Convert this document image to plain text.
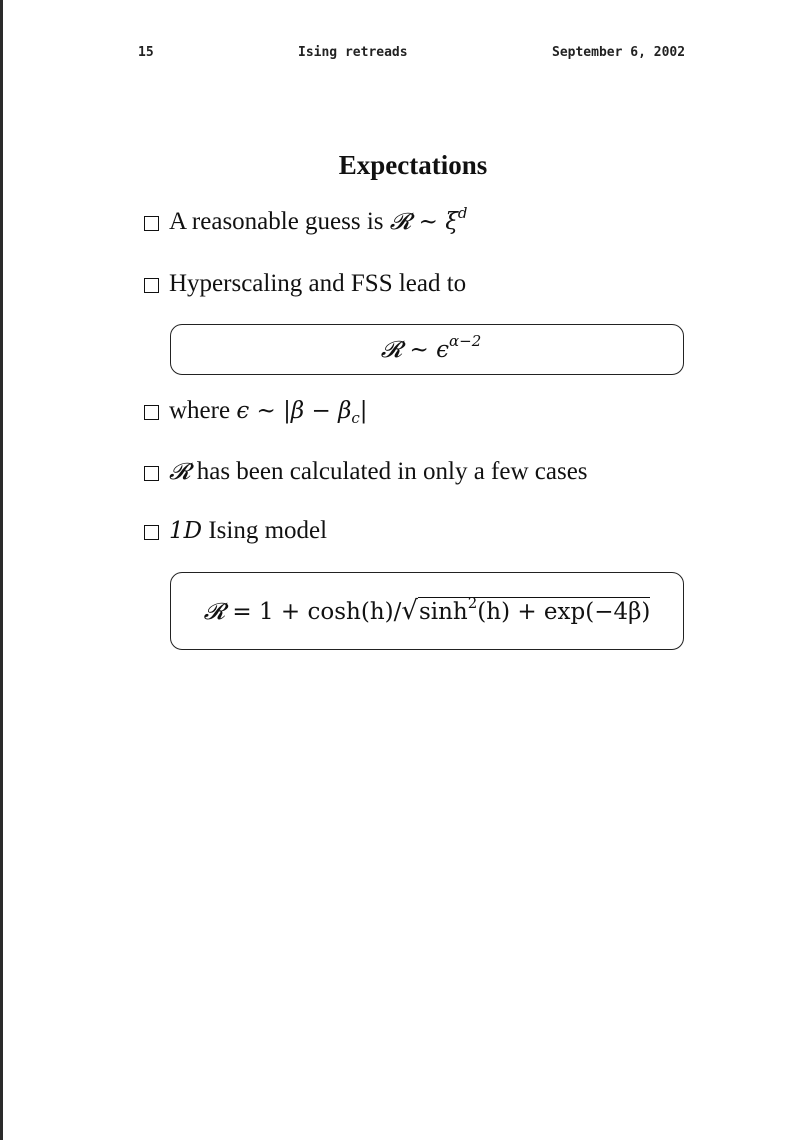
15	Ising retreads	September 6, 2002
Expectations
A reasonable guess is
𝓡 ~ $\xi^d$
Hyperscaling and FSS lead to
𝓡 ~ $\epsilon^{\alpha-2}$
where
ϵ ~ $|\beta - \beta_c|$
𝓡
has been calculated in only a few cases
1D
Ising model
𝓡 = $1 + \cosh(h)/√\sinh^2(h) + \exp(-4\beta)$
